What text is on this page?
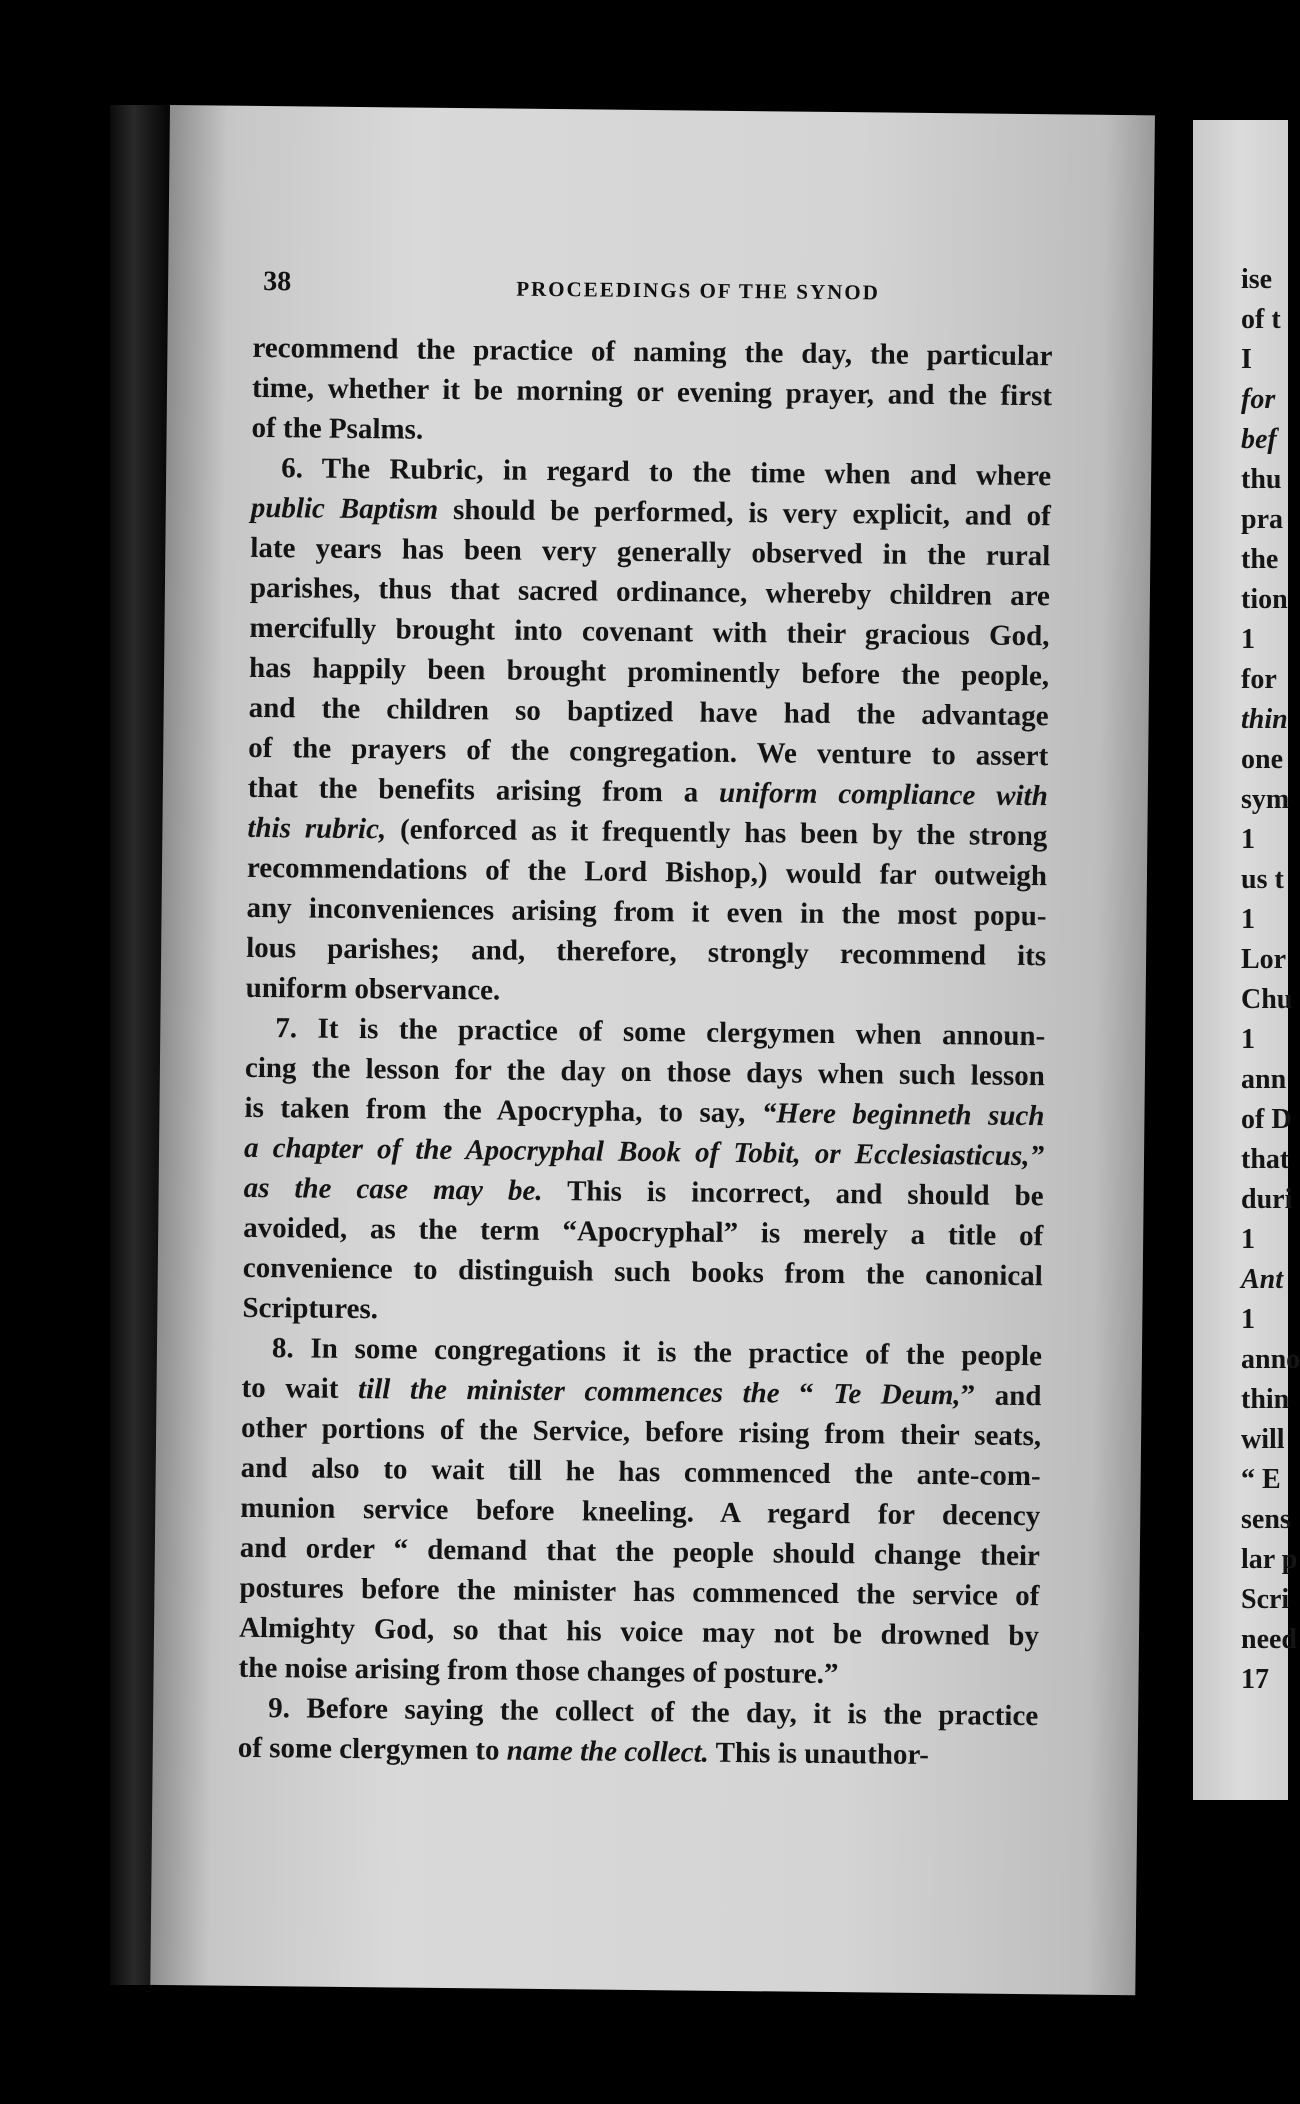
38	PROCEEDINGS OF THE SYNOD
recommend the practice of naming the day, the particular
time, whether it be morning or evening prayer, and the first
of the Psalms.
6. The Rubric, in regard to the time when and where
public Baptism should be performed, is very explicit, and of
late years has been very generally observed in the rural
parishes, thus that sacred ordinance, whereby children are
mercifully brought into covenant with their gracious God,
has happily been brought prominently before the people,
and the children so baptized have had the advantage
of the prayers of the congregation. We venture to assert
that the benefits arising from a uniform compliance with
this rubric, (enforced as it frequently has been by the strong
recommendations of the Lord Bishop,) would far outweigh
any inconveniences arising from it even in the most popu-
lous parishes; and, therefore, strongly recommend its
uniform observance.
7. It is the practice of some clergymen when announ-
cing the lesson for the day on those days when such lesson
is taken from the Apocrypha, to say, “Here beginneth such
a chapter of the Apocryphal Book of Tobit, or Ecclesiasticus,”
as the case may be. This is incorrect, and should be
avoided, as the term “Apocryphal” is merely a title of
convenience to distinguish such books from the canonical
Scriptures.
8. In some congregations it is the practice of the people
to wait till the minister commences the “ Te Deum,” and
other portions of the Service, before rising from their seats,
and also to wait till he has commenced the ante-com-
munion service before kneeling. A regard for decency
and order “ demand that the people should change their
postures before the minister has commenced the service of
Almighty God, so that his voice may not be drowned by
the noise arising from those changes of posture.”
9. Before saying the collect of the day, it is the practice
of some clergymen to name the collect. This is unauthor-
ise
of t
I
for
bef
thu
pra
the
tion
1
for
thin
one
sym
1
us t
1
Lor
Chu
1
ann
of D
that
duri
1
Ant
1
anno
thin
will
“ E
sens
lar p
Scri
need
17
